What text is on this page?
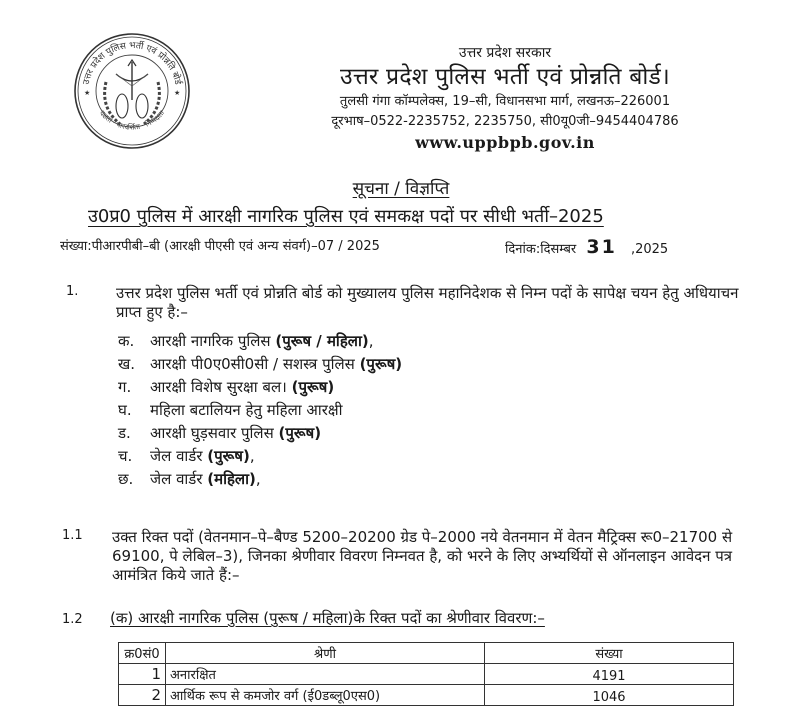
उत्तर प्रदेश पुलिस भर्ती एवं प्रोन्नति बोर्ड
दक्षता · पारदर्शिता · निष्पक्षता
★	★
उत्तर प्रदेश सरकार
उत्तर प्रदेश पुलिस भर्ती एवं प्रोन्नति बोर्ड।
तुलसी गंगा कॉम्पलेक्स, 19–सी, विधानसभा मार्ग, लखनऊ–226001
दूरभाष–0522-2235752, 2235750, सी0यू0जी–9454404786
www.uppbpb.gov.in
सूचना / विज्ञप्ति
उ0प्र0 पुलिस में आरक्षी नागरिक पुलिस एवं समकक्ष पदों पर सीधी भर्ती–2025
संख्या:पीआरपीबी–बी (आरक्षी पीएसी एवं अन्य संवर्ग)–07 / 2025	दिनांक:दिसम्बर 31 ,2025
1.	उत्तर प्रदेश पुलिस भर्ती एवं प्रोन्नति बोर्ड को मुख्यालय पुलिस महानिदेशक से निम्न पदों के सापेक्ष चयन हेतु अधियाचन प्राप्त हुए है:–
क. आरक्षी नागरिक पुलिस (पुरूष / महिला),
ख. आरक्षी पी0ए0सी0सी / सशस्त्र पुलिस (पुरूष)
ग. आरक्षी विशेष सुरक्षा बल। (पुरूष)
घ. महिला बटालियन हेतु महिला आरक्षी
ड. आरक्षी घुड़सवार पुलिस (पुरूष)
च. जेल वार्डर (पुरूष),
छ. जेल वार्डर (महिला),
1.1 उक्त रिक्त पदों (वेतनमान–पे–बैण्ड 5200–20200 ग्रेड पे–2000 नये वेतनमान में वेतन मैट्रिक्स रू0–21700 से 69100, पे लेबिल–3), जिनका श्रेणीवार विवरण निम्नवत है, को भरने के लिए अभ्यर्थियों से ऑनलाइन आवेदन पत्र आमंत्रित किये जाते हैं:–
1.2 (क) आरक्षी नागरिक पुलिस (पुरूष / महिला)के रिक्त पदों का श्रेणीवार विवरण:–
क्र0सं0	श्रेणी	संख्या
1	अनारक्षित	4191
2	आर्थिक रूप से कमजोर वर्ग (ई0डब्लू0एस0)	1046
